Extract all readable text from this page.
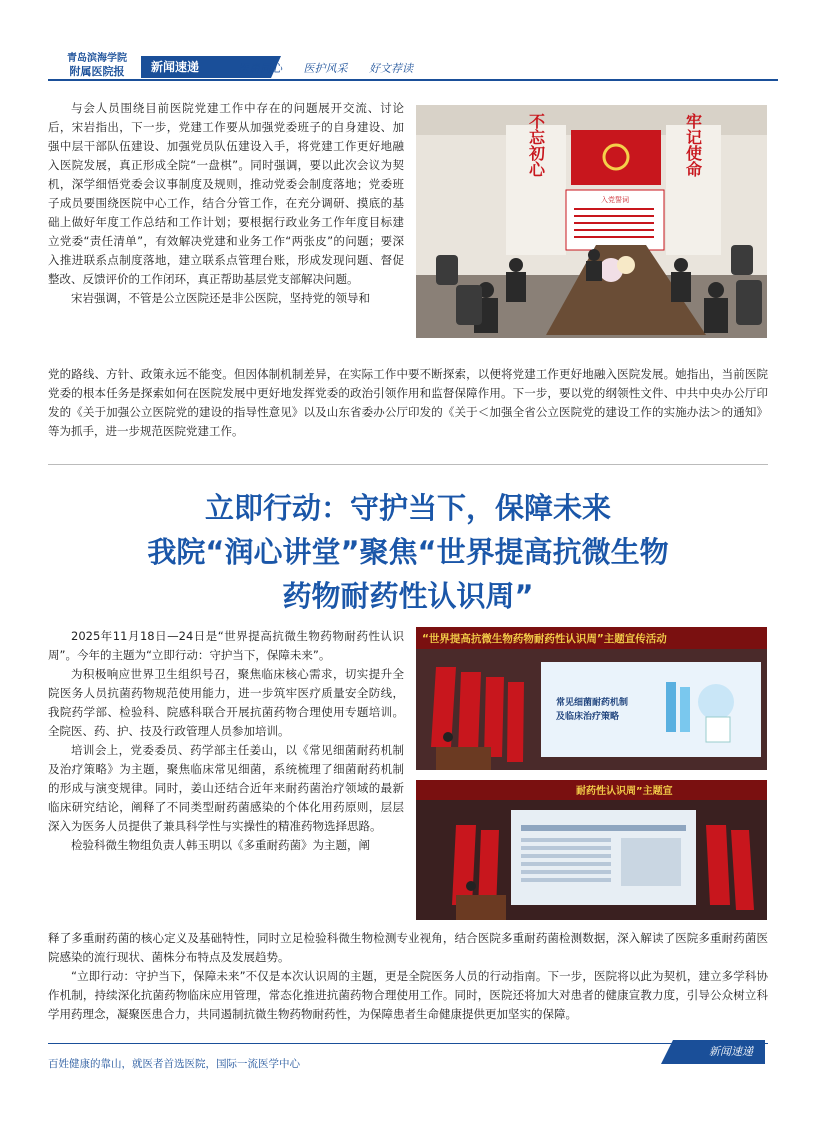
青岛滨海学院
附属医院报	新闻速递	医患同心 医护风采 好文荐读

与会人员围绕目前医院党建工作中存在的问题展开交流、讨论后，宋岩指出，下一步，党建工作要从加强党委班子的自身建设、加强中层干部队伍建设、加强党员队伍建设入手，将党建工作更好地融入医院发展，真正形成全院“一盘棋”。同时强调，要以此次会议为契机，深学细悟党委会议事制度及规则，推动党委会制度落地；党委班子成员要围绕医院中心工作，结合分管工作，在充分调研、摸底的基础上做好年度工作总结和工作计划；要根据行政业务工作年度目标建立党委“责任清单”，有效解决党建和业务工作“两张皮”的问题；要深入推进联系点制度落地，建立联系点管理台账，形成发现问题、督促整改、反馈评价的工作闭环，真正帮助基层党支部解决问题。

宋岩强调，不管是公立医院还是非公医院，坚持党的领导和

不忘初心	牢记使命
入党誓词

党的路线、方针、政策永远不能变。但因体制机制差异，在实际工作中要不断探索，以便将党建工作更好地融入医院发展。她指出，当前医院党委的根本任务是探索如何在医院发展中更好地发挥党委的政治引领作用和监督保障作用。下一步，要以党的纲领性文件、中共中央办公厅印发的《关于加强公立医院党的建设的指导性意见》以及山东省委办公厅印发的《关于＜加强全省公立医院党的建设工作的实施办法＞的通知》等为抓手，进一步规范医院党建工作。

立即行动：守护当下，保障未来
我院“润心讲堂”聚焦“世界提高抗微生物
药物耐药性认识周”

2025年11月18日—24日是“世界提高抗微生物药物耐药性认识周”。今年的主题为“立即行动：守护当下，保障未来”。

为积极响应世界卫生组织号召，聚焦临床核心需求，切实提升全院医务人员抗菌药物规范使用能力，进一步筑牢医疗质量安全防线，我院药学部、检验科、院感科联合开展抗菌药物合理使用专题培训。全院医、药、护、技及行政管理人员参加培训。

培训会上，党委委员、药学部主任姜山，以《常见细菌耐药机制及治疗策略》为主题，聚焦临床常见细菌，系统梳理了细菌耐药机制的形成与演变规律。同时，姜山还结合近年来耐药菌治疗领域的最新临床研究结论，阐释了不同类型耐药菌感染的个体化用药原则，层层深入为医务人员提供了兼具科学性与实操性的精准药物选择思路。

检验科微生物组负责人韩玉明以《多重耐药菌》为主题，阐

“世界提高抗微生物药物耐药性认识周”主题宣传活动
常见细菌耐药机制
及临床治疗策略
耐药性认识周”主题宣

释了多重耐药菌的核心定义及基础特性，同时立足检验科微生物检测专业视角，结合医院多重耐药菌检测数据，深入解读了医院多重耐药菌医院感染的流行现状、菌株分布特点及发展趋势。

“立即行动：守护当下，保障未来”不仅是本次认识周的主题，更是全院医务人员的行动指南。下一步，医院将以此为契机，建立多学科协作机制，持续深化抗菌药物临床应用管理，常态化推进抗菌药物合理使用工作。同时，医院还将加大对患者的健康宣教力度，引导公众树立科学用药理念，凝聚医患合力，共同遏制抗微生物药物耐药性，为保障患者生命健康提供更加坚实的保障。

百姓健康的靠山，就医者首选医院，国际一流医学中心
新闻速递
